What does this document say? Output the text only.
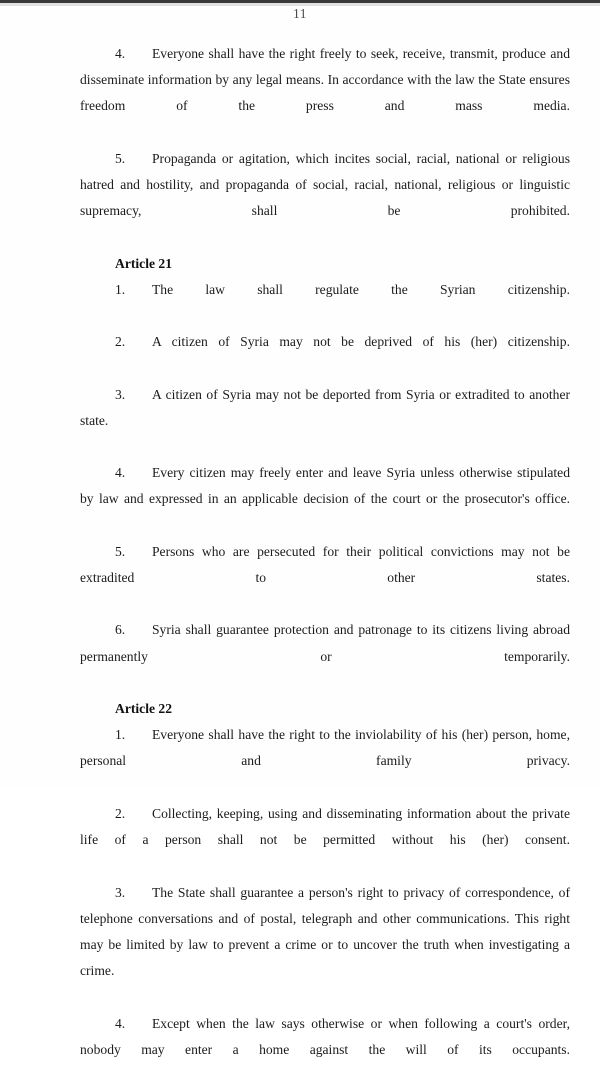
11

4. Everyone shall have the right freely to seek, receive, transmit, produce and disseminate information by any legal means. In accordance with the law the State ensures freedom of the press and mass media.

5. Propaganda or agitation, which incites social, racial, national or religious hatred and hostility, and propaganda of social, racial, national, religious or linguistic supremacy, shall be prohibited.

Article 21

1. The law shall regulate the Syrian citizenship.

2. A citizen of Syria may not be deprived of his (her) citizenship.

3. A citizen of Syria may not be deported from Syria or extradited to another state.

4. Every citizen may freely enter and leave Syria unless otherwise stipulated by law and expressed in an applicable decision of the court or the prosecutor's office.

5. Persons who are persecuted for their political convictions may not be extradited to other states.

6. Syria shall guarantee protection and patronage to its citizens living abroad permanently or temporarily.

Article 22

1. Everyone shall have the right to the inviolability of his (her) person, home, personal and family privacy.

2. Collecting, keeping, using and disseminating information about the private life of a person shall not be permitted without his (her) consent.

3. The State shall guarantee a person's right to privacy of correspondence, of telephone conversations and of postal, telegraph and other communications. This right may be limited by law to prevent a crime or to uncover the truth when investigating a crime.

4. Except when the law says otherwise or when following a court's order, nobody may enter a home against the will of its occupants.
